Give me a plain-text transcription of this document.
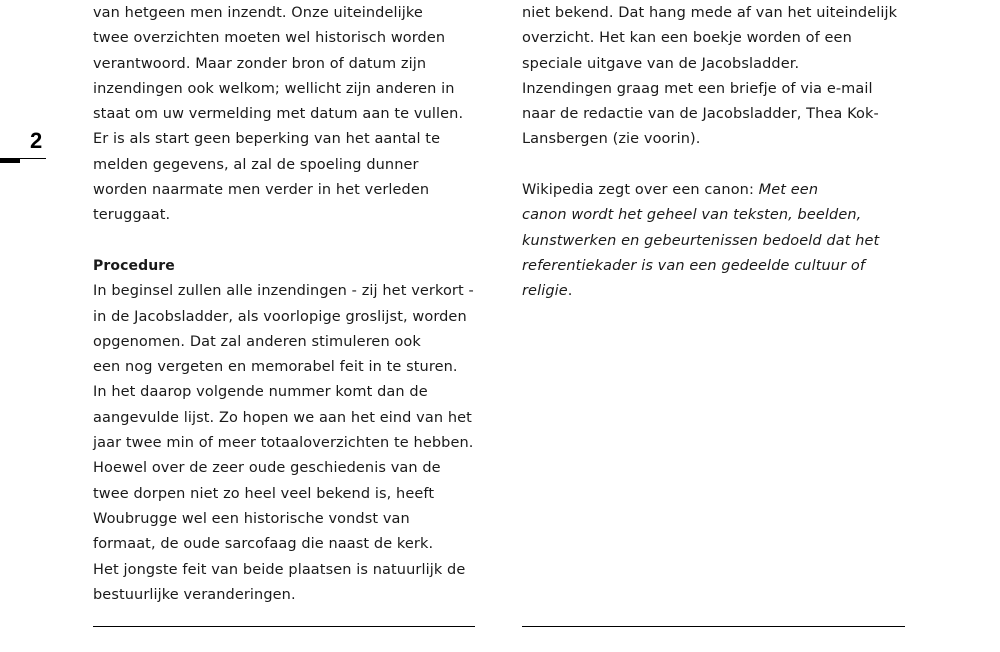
2
van hetgeen men inzendt. Onze uiteindelijke
twee overzichten moeten wel historisch worden
verantwoord. Maar zonder bron of datum zijn
inzendingen ook welkom; wellicht zijn anderen in
staat om uw vermelding met datum aan te vullen.
Er is als start geen beperking van het aantal te
melden gegevens, al zal de spoeling dunner
worden naarmate men verder in het verleden
teruggaat.
Procedure
In beginsel zullen alle inzendingen - zij het verkort -
in de Jacobsladder, als voorlopige groslijst, worden
opgenomen. Dat zal anderen stimuleren ook
een nog vergeten en memorabel feit in te sturen.
In het daarop volgende nummer komt dan de
aangevulde lijst. Zo hopen we aan het eind van het
jaar twee min of meer totaaloverzichten te hebben.
Hoewel over de zeer oude geschiedenis van de
twee dorpen niet zo heel veel bekend is, heeft
Woubrugge wel een historische vondst van
formaat, de oude sarcofaag die naast de kerk.
Het jongste feit van beide plaatsen is natuurlijk de
bestuurlijke veranderingen.
niet bekend. Dat hang mede af van het uiteindelijk
overzicht. Het kan een boekje worden of een
speciale uitgave van de Jacobsladder.
Inzendingen graag met een briefje of via e-mail
naar de redactie van de Jacobsladder, Thea Kok-
Lansbergen (zie voorin).
Wikipedia zegt over een canon: Met een
canon wordt het geheel van teksten, beelden,
kunstwerken en gebeurtenissen bedoeld dat het
referentiekader is van een gedeelde cultuur of
religie.
